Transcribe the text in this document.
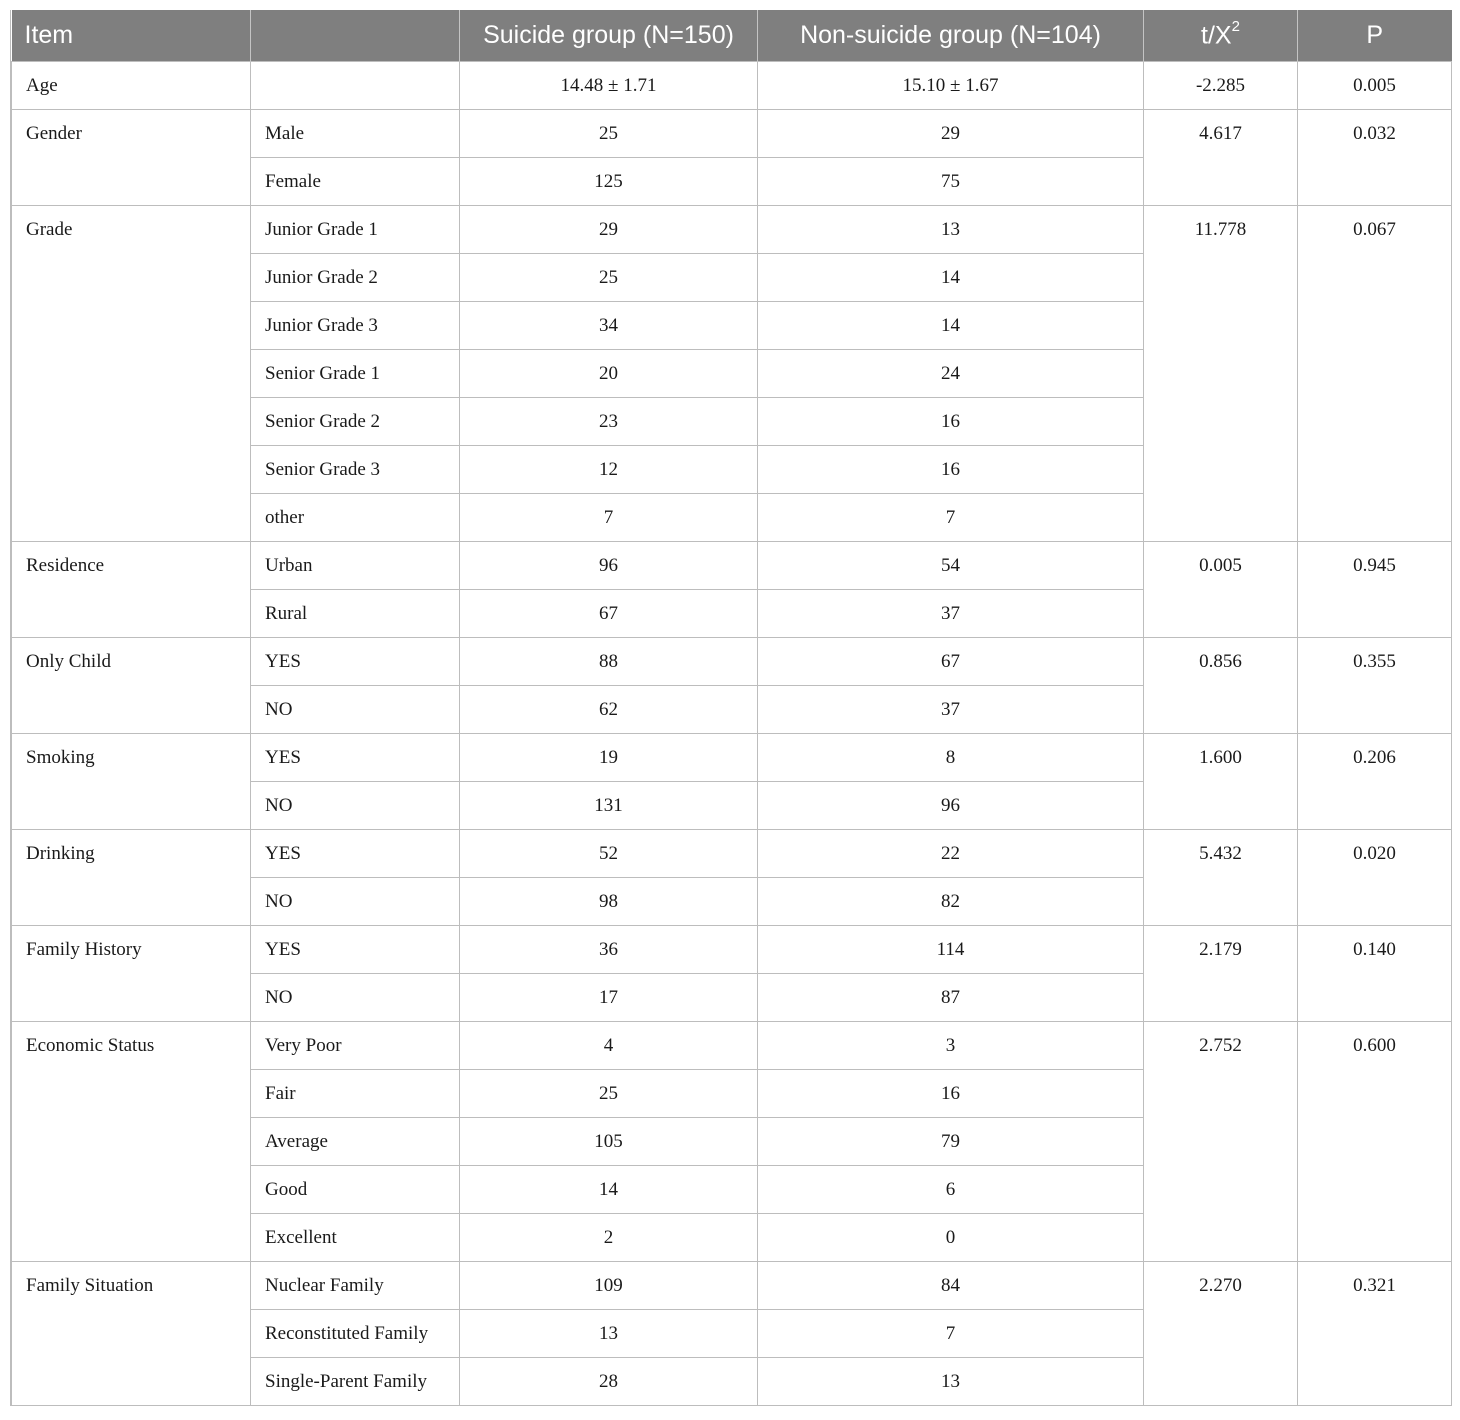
Item		Suicide group (N=150)	Non-suicide group (N=104)	$t/X^2$	P
Age		14.48 ± 1.71	15.10 ± 1.67	-2.285	0.005
Gender	Male	25	29	4.617	0.032
	Female	125	75		
Grade	Junior Grade 1	29	13	11.778	0.067
	Junior Grade 2	25	14		
	Junior Grade 3	34	14		
	Senior Grade 1	20	24		
	Senior Grade 2	23	16		
	Senior Grade 3	12	16		
	other	7	7		
Residence	Urban	96	54	0.005	0.945
	Rural	67	37		
Only Child	YES	88	67	0.856	0.355
	NO	62	37		
Smoking	YES	19	8	1.600	0.206
	NO	131	96		
Drinking	YES	52	22	5.432	0.020
	NO	98	82		
Family History	YES	36	114	2.179	0.140
	NO	17	87		
Economic Status	Very Poor	4	3	2.752	0.600
	Fair	25	16		
	Average	105	79		
	Good	14	6		
	Excellent	2	0		
Family Situation	Nuclear Family	109	84	2.270	0.321
	Reconstituted Family	13	7		
	Single-Parent Family	28	13		
